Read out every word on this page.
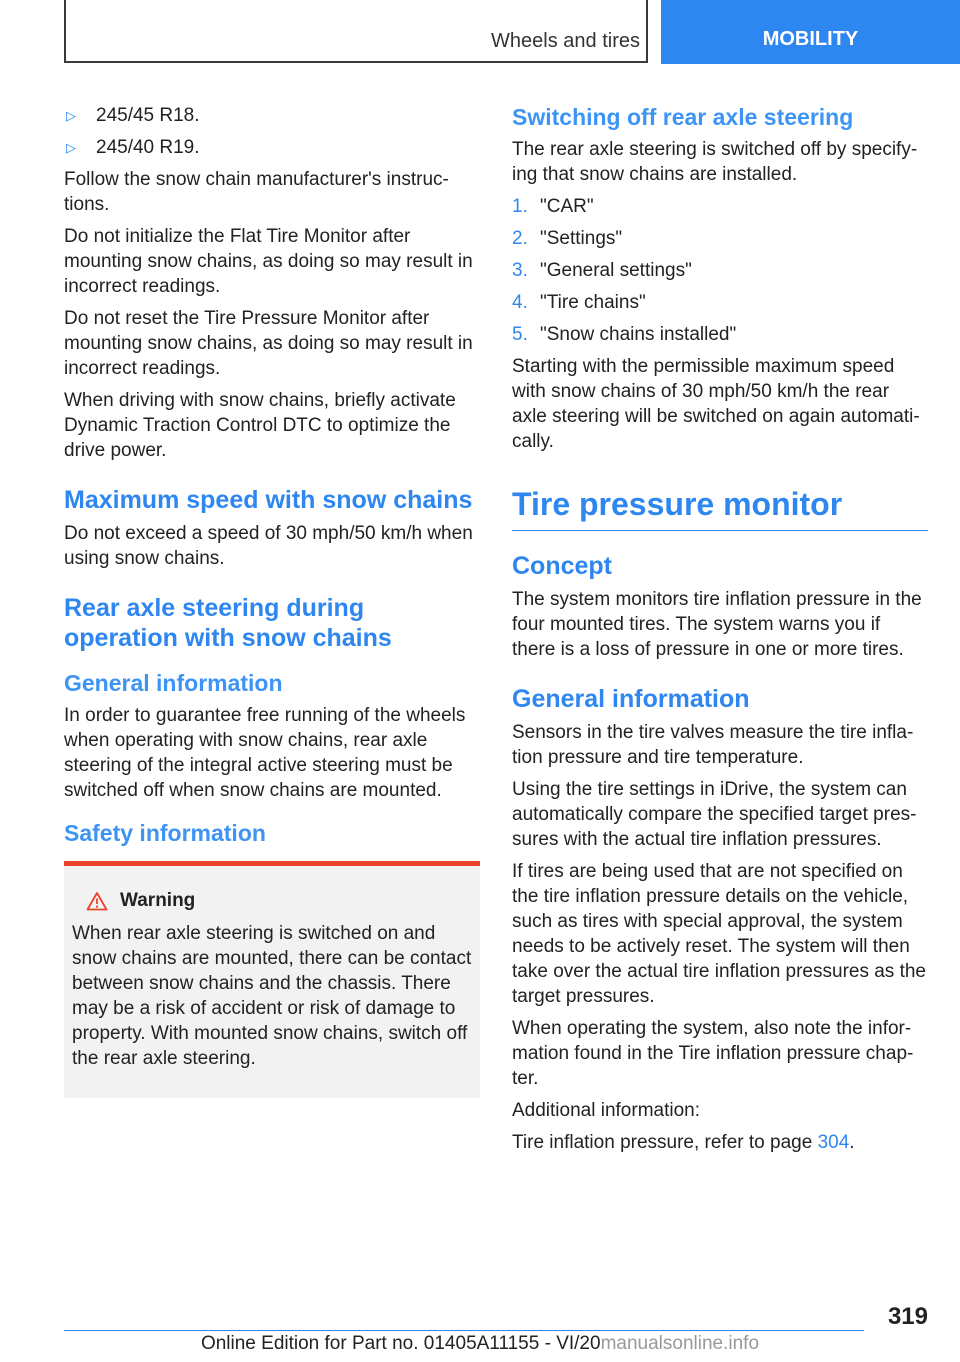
Wheels and tires	MOBILITY
▷	245/45 R18.
▷	245/40 R19.

Follow the snow chain manufacturer's instruc-tions.

Do not initialize the Flat Tire Monitor after mounting snow chains, as doing so may result in incorrect readings.

Do not reset the Tire Pressure Monitor after mounting snow chains, as doing so may result in incorrect readings.

When driving with snow chains, briefly activate Dynamic Traction Control DTC to optimize the drive power.

Maximum speed with snow chains

Do not exceed a speed of 30 mph/50 km/h when using snow chains.

Rear axle steering during operation with snow chains
General information

In order to guarantee free running of the wheels when operating with snow chains, rear axle steering of the integral active steering must be switched off when snow chains are mounted.

Safety information
Warning

When rear axle steering is switched on and snow chains are mounted, there can be contact between snow chains and the chassis. There may be a risk of accident or risk of damage to property. With mounted snow chains, switch off the rear axle steering.

Switching off rear axle steering

The rear axle steering is switched off by specify-ing that snow chains are installed.

1. "CAR"
2. "Settings"
3. "General settings"
4. "Tire chains"
5. "Snow chains installed"

Starting with the permissible maximum speed with snow chains of 30 mph/50 km/h the rear axle steering will be switched on again automati-cally.

Tire pressure monitor
Concept

The system monitors tire inflation pressure in the four mounted tires. The system warns you if there is a loss of pressure in one or more tires.

General information

Sensors in the tire valves measure the tire infla-tion pressure and tire temperature.

Using the tire settings in iDrive, the system can automatically compare the specified target pres-sures with the actual tire inflation pressures.

If tires are being used that are not specified on the tire inflation pressure details on the vehicle, such as tires with special approval, the system needs to be actively reset. The system will then take over the actual tire inflation pressures as the target pressures.

When operating the system, also note the infor-mation found in the Tire inflation pressure chap-ter.

Additional information:

Tire inflation pressure, refer to page 304.

319
Online Edition for Part no. 01405A11155 - VI/20manualsonline.info
